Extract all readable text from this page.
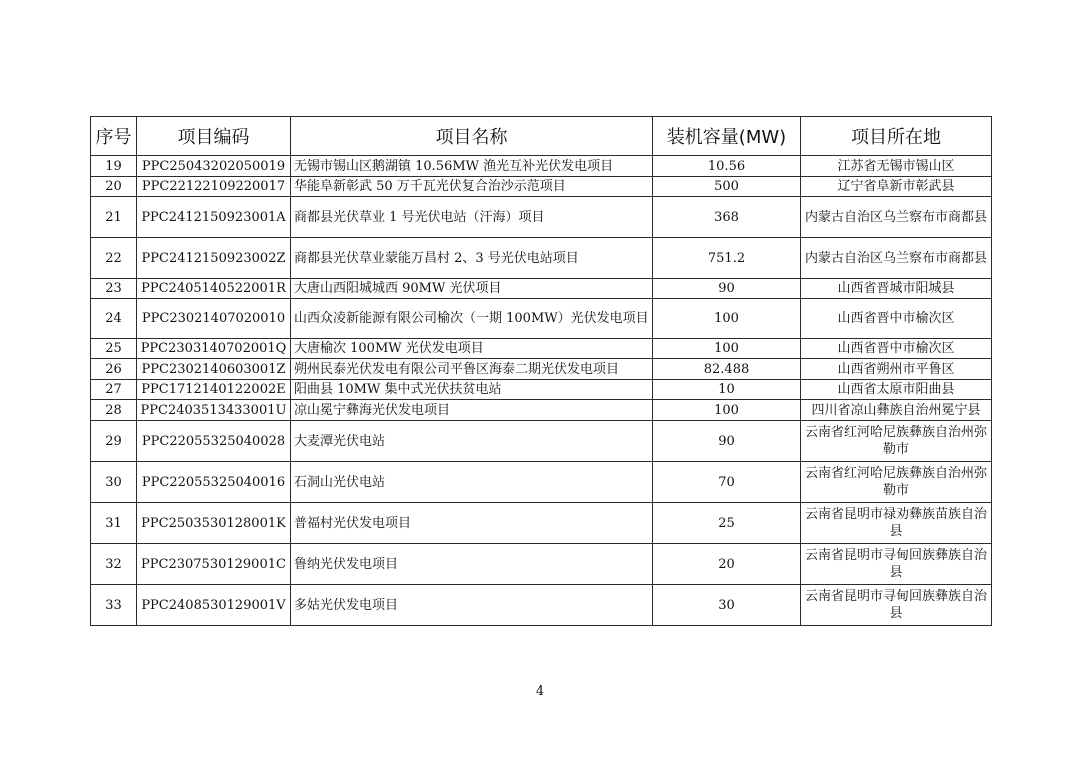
序号	项目编码	项目名称	装机容量(MW)	项目所在地
19	PPC25043202050019	无锡市锡山区鹅湖镇 10.56MW 渔光互补光伏发电项目	10.56	江苏省无锡市锡山区
20	PPC22122109220017	华能阜新彰武 50 万千瓦光伏复合治沙示范项目	500	辽宁省阜新市彰武县
21	PPC2412150923001A	商都县光伏草业 1 号光伏电站（汗海）项目	368	内蒙古自治区乌兰察布市商都县
22	PPC2412150923002Z	商都县光伏草业蒙能万昌村 2、3 号光伏电站项目	751.2	内蒙古自治区乌兰察布市商都县
23	PPC2405140522001R	大唐山西阳城城西 90MW 光伏项目	90	山西省晋城市阳城县
24	PPC23021407020010	山西众凌新能源有限公司榆次（一期 100MW）光伏发电项目	100	山西省晋中市榆次区
25	PPC2303140702001Q	大唐榆次 100MW 光伏发电项目	100	山西省晋中市榆次区
26	PPC2302140603001Z	朔州民泰光伏发电有限公司平鲁区海泰二期光伏发电项目	82.488	山西省朔州市平鲁区
27	PPC171214012200​2E	阳曲县 10MW 集中式光伏扶贫电站	10	山西省太原市阳曲县
28	PPC2403513433001U	凉山冕宁彝海光伏发电项目	100	四川省凉山彝族自治州冕宁县
29	PPC22055325040028	大麦潭光伏电站	90	云南省红河哈尼族彝族自治州弥勒市
30	PPC22055325040016	石洞山光伏电站	70	云南省红河哈尼族彝族自治州弥勒市
31	PPC2503530128001K	普福村光伏发电项目	25	云南省昆明市禄劝彝族苗族自治县
32	PPC2307530129001C	鲁纳光伏发电项目	20	云南省昆明市寻甸回族彝族自治县
33	PPC2408530129001V	多姑光伏发电项目	30	云南省昆明市寻甸回族彝族自治县
4
